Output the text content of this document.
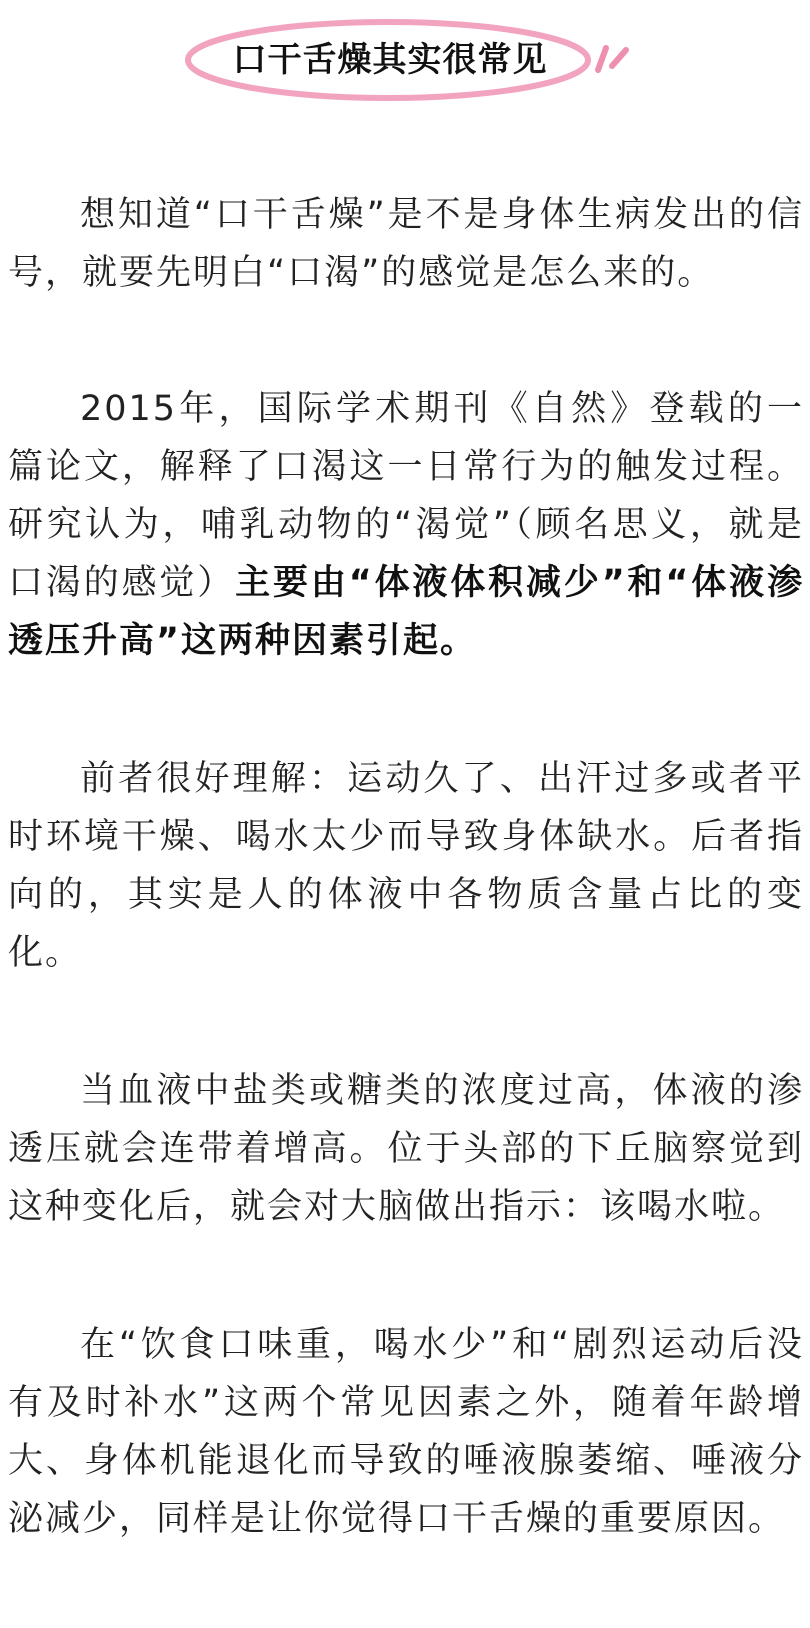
口干舌燥其实很常见

想知道“口干舌燥”是不是身体生病发出的信号，就要先明白“口渴”的感觉是怎么来的。

2015年，国际学术期刊《自然》登载的一篇论文，解释了口渴这一日常行为的触发过程。研究认为，哺乳动物的“渴觉”（顾名思义，就是口渴的感觉）主要由“体液体积减少”和“体液渗透压升高”这两种因素引起。

前者很好理解：运动久了、出汗过多或者平时环境干燥、喝水太少而导致身体缺水。后者指向的，其实是人的体液中各物质含量占比的变化。

当血液中盐类或糖类的浓度过高，体液的渗透压就会连带着增高。位于头部的下丘脑察觉到这种变化后，就会对大脑做出指示：该喝水啦。

在“饮食口味重，喝水少”和“剧烈运动后没有及时补水”这两个常见因素之外，随着年龄增大、身体机能退化而导致的唾液腺萎缩、唾液分泌减少，同样是让你觉得口干舌燥的重要原因。
